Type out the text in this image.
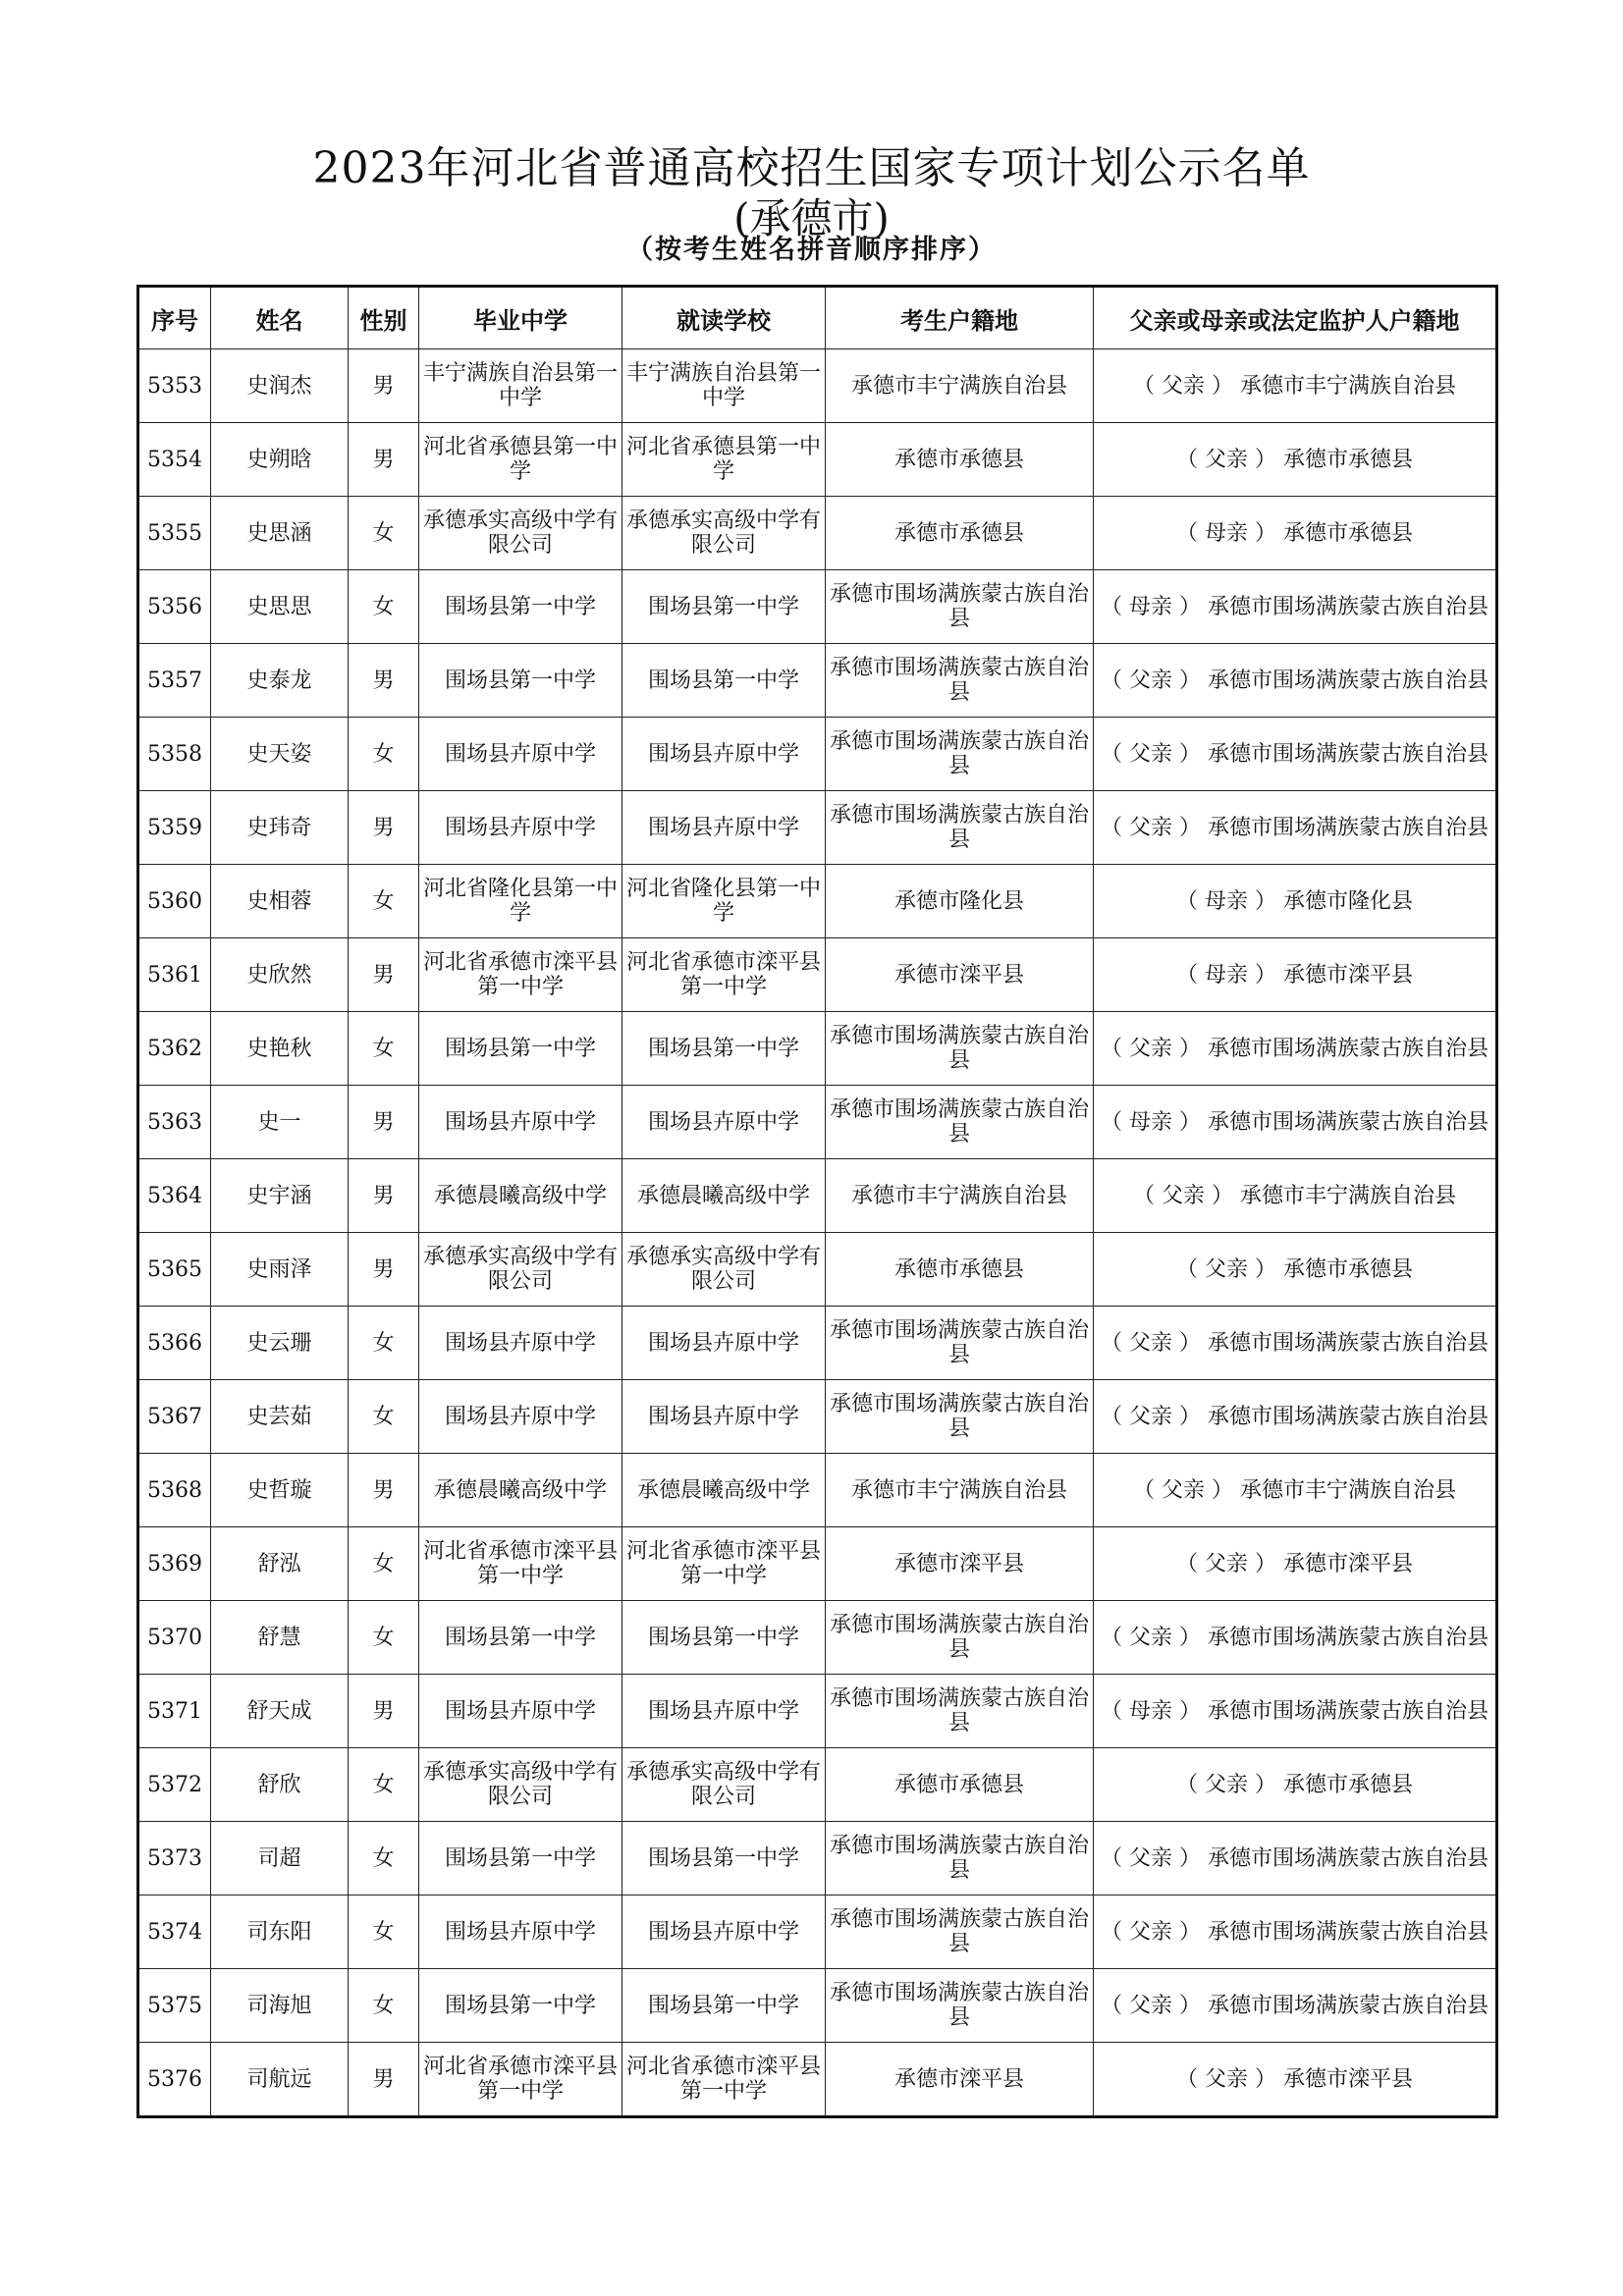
2023年河北省普通高校招生国家专项计划公示名单
(承德市)
（按考生姓名拼音顺序排序）
序号	姓名	性别	毕业中学	就读学校	考生户籍地	父亲或母亲或法定监护人户籍地
5353	史润杰	男	丰宁满族自治县第一中学	丰宁满族自治县第一中学	承德市丰宁满族自治县	（ 父亲 ） 承德市丰宁满族自治县
5354	史朔晗	男	河北省承德县第一中学	河北省承德县第一中学	承德市承德县	（ 父亲 ） 承德市承德县
5355	史思涵	女	承德承实高级中学有限公司	承德承实高级中学有限公司	承德市承德县	（ 母亲 ） 承德市承德县
5356	史思思	女	围场县第一中学	围场县第一中学	承德市围场满族蒙古族自治县	（ 母亲 ） 承德市围场满族蒙古族自治县
5357	史泰龙	男	围场县第一中学	围场县第一中学	承德市围场满族蒙古族自治县	（ 父亲 ） 承德市围场满族蒙古族自治县
5358	史天姿	女	围场县卉原中学	围场县卉原中学	承德市围场满族蒙古族自治县	（ 父亲 ） 承德市围场满族蒙古族自治县
5359	史玮奇	男	围场县卉原中学	围场县卉原中学	承德市围场满族蒙古族自治县	（ 父亲 ） 承德市围场满族蒙古族自治县
5360	史相蓉	女	河北省隆化县第一中学	河北省隆化县第一中学	承德市隆化县	（ 母亲 ） 承德市隆化县
5361	史欣然	男	河北省承德市滦平县第一中学	河北省承德市滦平县第一中学	承德市滦平县	（ 母亲 ） 承德市滦平县
5362	史艳秋	女	围场县第一中学	围场县第一中学	承德市围场满族蒙古族自治县	（ 父亲 ） 承德市围场满族蒙古族自治县
5363	史一	男	围场县卉原中学	围场县卉原中学	承德市围场满族蒙古族自治县	（ 母亲 ） 承德市围场满族蒙古族自治县
5364	史宇涵	男	承德晨曦高级中学	承德晨曦高级中学	承德市丰宁满族自治县	（ 父亲 ） 承德市丰宁满族自治县
5365	史雨泽	男	承德承实高级中学有限公司	承德承实高级中学有限公司	承德市承德县	（ 父亲 ） 承德市承德县
5366	史云珊	女	围场县卉原中学	围场县卉原中学	承德市围场满族蒙古族自治县	（ 父亲 ） 承德市围场满族蒙古族自治县
5367	史芸茹	女	围场县卉原中学	围场县卉原中学	承德市围场满族蒙古族自治县	（ 父亲 ） 承德市围场满族蒙古族自治县
5368	史哲璇	男	承德晨曦高级中学	承德晨曦高级中学	承德市丰宁满族自治县	（ 父亲 ） 承德市丰宁满族自治县
5369	舒泓	女	河北省承德市滦平县第一中学	河北省承德市滦平县第一中学	承德市滦平县	（ 父亲 ） 承德市滦平县
5370	舒慧	女	围场县第一中学	围场县第一中学	承德市围场满族蒙古族自治县	（ 父亲 ） 承德市围场满族蒙古族自治县
5371	舒天成	男	围场县卉原中学	围场县卉原中学	承德市围场满族蒙古族自治县	（ 母亲 ） 承德市围场满族蒙古族自治县
5372	舒欣	女	承德承实高级中学有限公司	承德承实高级中学有限公司	承德市承德县	（ 父亲 ） 承德市承德县
5373	司超	女	围场县第一中学	围场县第一中学	承德市围场满族蒙古族自治县	（ 父亲 ） 承德市围场满族蒙古族自治县
5374	司东阳	女	围场县卉原中学	围场县卉原中学	承德市围场满族蒙古族自治县	（ 父亲 ） 承德市围场满族蒙古族自治县
5375	司海旭	女	围场县第一中学	围场县第一中学	承德市围场满族蒙古族自治县	（ 父亲 ） 承德市围场满族蒙古族自治县
5376	司航远	男	河北省承德市滦平县第一中学	河北省承德市滦平县第一中学	承德市滦平县	（ 父亲 ） 承德市滦平县
